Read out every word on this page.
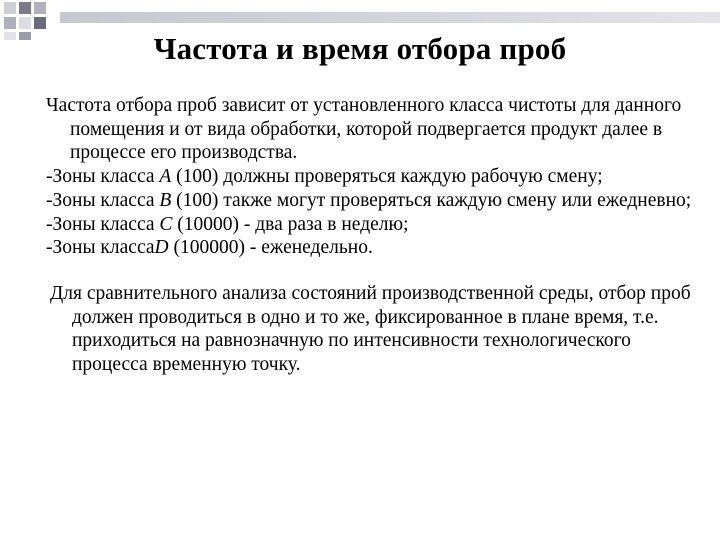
Частота и время отбора проб

Частота отбора проб зависит от установленного класса чистоты для данного помещения и от вида обработки, которой подвергается продукт далее в процессе его производства.

-Зоны класса A (100) должны проверяться каждую рабочую смену;

-Зоны класса B (100) также могут проверяться каждую смену или ежедневно;

-Зоны класса C (10000) - два раза в неделю;

-Зоны классаD (100000) - еженедельно.

Для сравнительного анализа состояний производственной среды, отбор проб должен проводиться в одно и то же, фиксированное в плане время, т.е. приходиться на равнозначную по интенсивности технологического процесса временную точку.
